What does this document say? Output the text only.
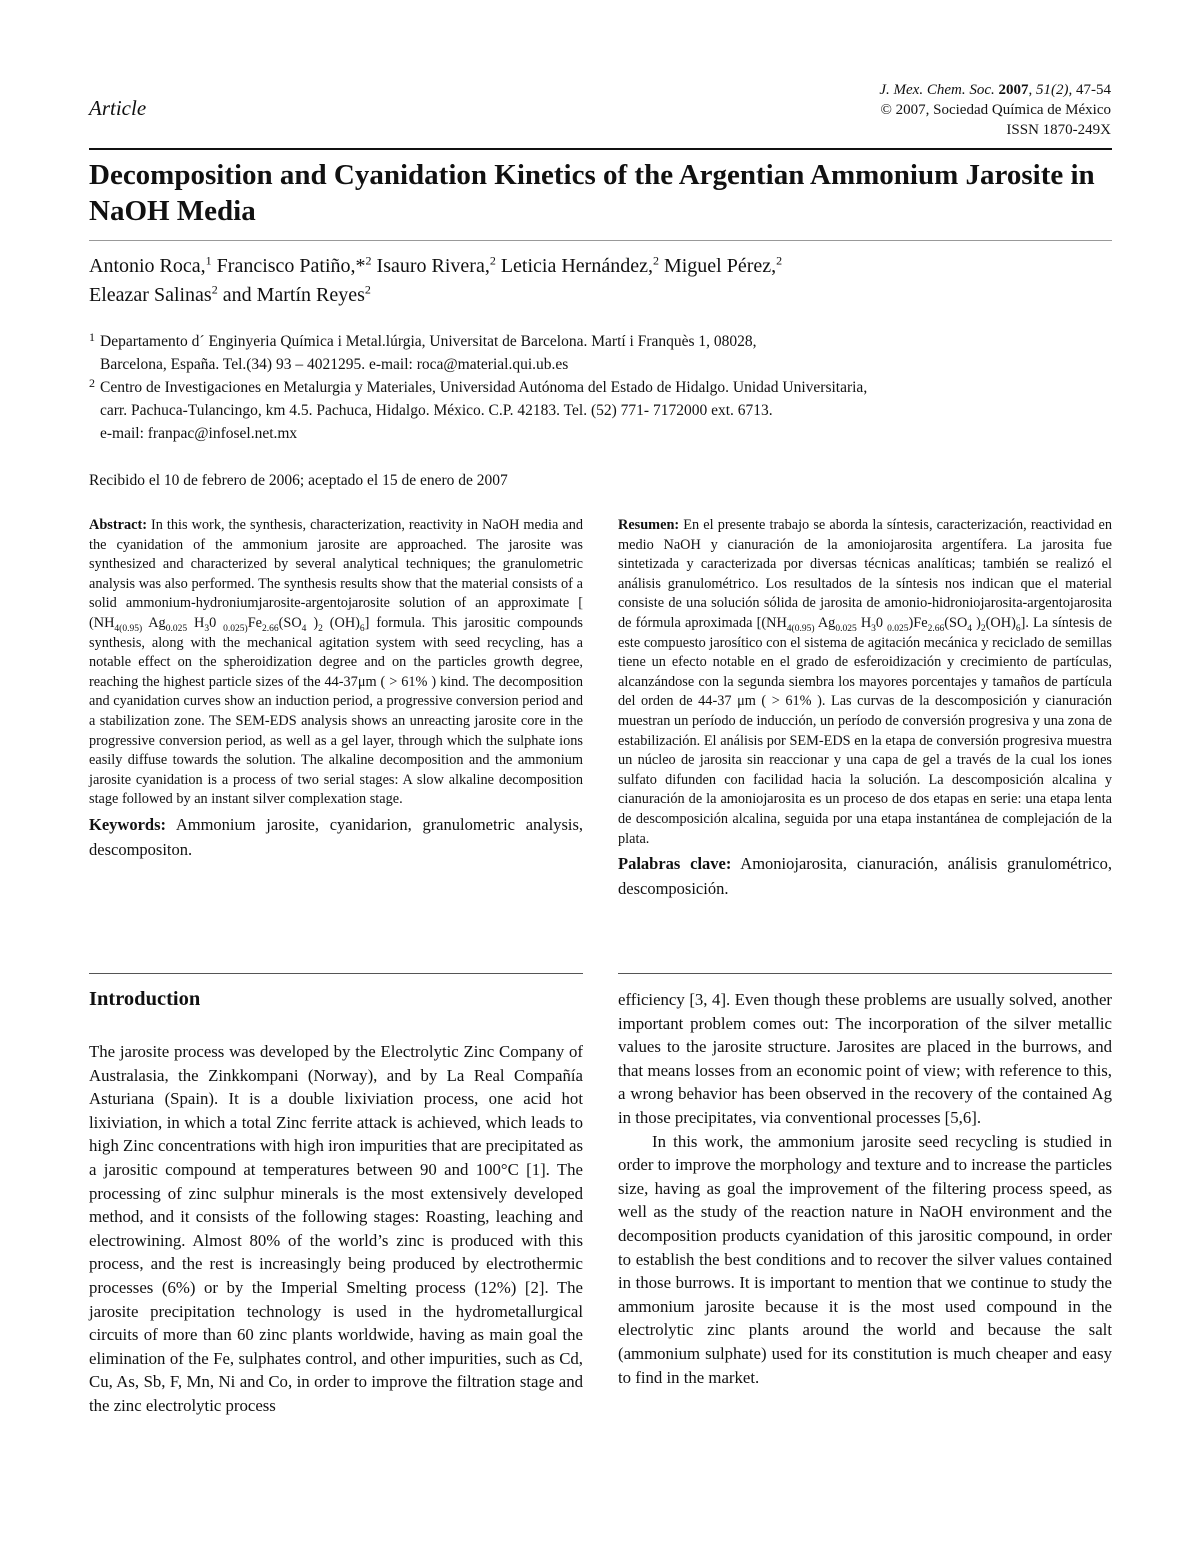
Article
J. Mex. Chem. Soc. 2007, 51(2), 47-54
© 2007, Sociedad Química de México
ISSN 1870-249X
Decomposition and Cyanidation Kinetics of the Argentian Ammonium Jarosite in NaOH Media
Antonio Roca,$^1$ Francisco Patiño,*$^2$ Isauro Rivera,$^2$ Leticia Hernández,$^2$ Miguel Pérez,$^2$
Eleazar Salinas$^2$ and Martín Reyes$^2$
1 Departamento d´ Enginyeria Química i Metal.lúrgia, Universitat de Barcelona. Martí i Franquès 1, 08028,
Barcelona, España. Tel.(34) 93 – 4021295. e-mail: roca@material.qui.ub.es
2 Centro de Investigaciones en Metalurgia y Materiales, Universidad Autónoma del Estado de Hidalgo. Unidad Universitaria,
carr. Pachuca-Tulancingo, km 4.5. Pachuca, Hidalgo. México. C.P. 42183. Tel. (52) 771- 7172000 ext. 6713.
e-mail: franpac@infosel.net.mx
Recibido el 10 de febrero de 2006; aceptado el 15 de enero de 2007

Abstract: In this work, the synthesis, characterization, reactivity in NaOH media and the cyanidation of the ammonium jarosite are approached. The jarosite was synthesized and characterized by several analytical techniques; the granulometric analysis was also performed. The synthesis results show that the material consists of a solid ammonium-hydroniumjarosite-argentojarosite solution of an approximate [ ($NH_{4(0.95)}$ $Ag_{0.025}$ $H_30$ $_{0.025)}Fe_{2.66}(SO_4$ )$_2$ $(OH)_6$] formula. This jarositic compounds synthesis, along with the mechanical agitation system with seed recycling, has a notable effect on the spheroidization degree and on the particles growth degree, reaching the highest particle sizes of the 44-37μm ( > 61% ) kind. The decomposition and cyanidation curves show an induction period, a progressive conversion period and a stabilization zone. The SEM-EDS analysis shows an unreacting jarosite core in the progressive conversion period, as well as a gel layer, through which the sulphate ions easily diffuse towards the solution. The alkaline decomposition and the ammonium jarosite cyanidation is a process of two serial stages: A slow alkaline decomposition stage followed by an instant silver complexation stage.

Keywords: Ammonium jarosite, cyanidarion, granulometric analysis, descompositon.

Resumen: En el presente trabajo se aborda la síntesis, caracterización, reactividad en medio NaOH y cianuración de la amoniojarosita argentífera. La jarosita fue sintetizada y caracterizada por diversas técnicas analíticas; también se realizó el análisis granulométrico. Los resultados de la síntesis nos indican que el material consiste de una solución sólida de jarosita de amonio-hidroniojarosita-argentojarosita de fórmula aproximada [($NH_{4(0.95)}$ $Ag_{0.025}$ $H_30$ $_{0.025})Fe_{2.66}(SO_4$ )$_2(OH)_6$]. La síntesis de este compuesto jarosítico con el sistema de agitación mecánica y reciclado de semillas tiene un efecto notable en el grado de esferoidización y crecimiento de partículas, alcanzándose con la segunda siembra los mayores porcentajes y tamaños de partícula del orden de 44-37 μm ( > 61% ). Las curvas de la descomposición y cianuración muestran un período de inducción, un período de conversión progresiva y una zona de estabilización. El análisis por SEM-EDS en la etapa de conversión progresiva muestra un núcleo de jarosita sin reaccionar y una capa de gel a través de la cual los iones sulfato difunden con facilidad hacia la solución. La descomposición alcalina y cianuración de la amoniojarosita es un proceso de dos etapas en serie: una etapa lenta de descomposición alcalina, seguida por una etapa instantánea de complejación de la plata.

Palabras clave: Amoniojarosita, cianuración, análisis granulométrico, descomposición.

Introduction

The jarosite process was developed by the Electrolytic Zinc Company of Australasia, the Zinkkompani (Norway), and by La Real Compañía Asturiana (Spain). It is a double lixiviation process, one acid hot lixiviation, in which a total Zinc ferrite attack is achieved, which leads to high Zinc concentrations with high iron impurities that are precipitated as a jarositic compound at temperatures between 90 and 100°C [1]. The processing of zinc sulphur minerals is the most extensively developed method, and it consists of the following stages: Roasting, leaching and electrowining. Almost 80% of the world’s zinc is produced with this process, and the rest is increasingly being produced by electrothermic processes (6%) or by the Imperial Smelting process (12%) [2]. The jarosite precipitation technology is used in the hydrometallurgical circuits of more than 60 zinc plants worldwide, having as main goal the elimination of the Fe, sulphates control, and other impurities, such as Cd, Cu, As, Sb, F, Mn, Ni and Co, in order to improve the filtration stage and the zinc electrolytic process

efficiency [3, 4]. Even though these problems are usually solved, another important problem comes out: The incorporation of the silver metallic values to the jarosite structure. Jarosites are placed in the burrows, and that means losses from an economic point of view; with reference to this, a wrong behavior has been observed in the recovery of the contained Ag in those precipitates, via conventional processes [5,6].

In this work, the ammonium jarosite seed recycling is studied in order to improve the morphology and texture and to increase the particles size, having as goal the improvement of the filtering process speed, as well as the study of the reaction nature in NaOH environment and the decomposition products cyanidation of this jarositic compound, in order to establish the best conditions and to recover the silver values contained in those burrows. It is important to mention that we continue to study the ammonium jarosite because it is the most used compound in the electrolytic zinc plants around the world and because the salt (ammonium sulphate) used for its constitution is much cheaper and easy to find in the market.
